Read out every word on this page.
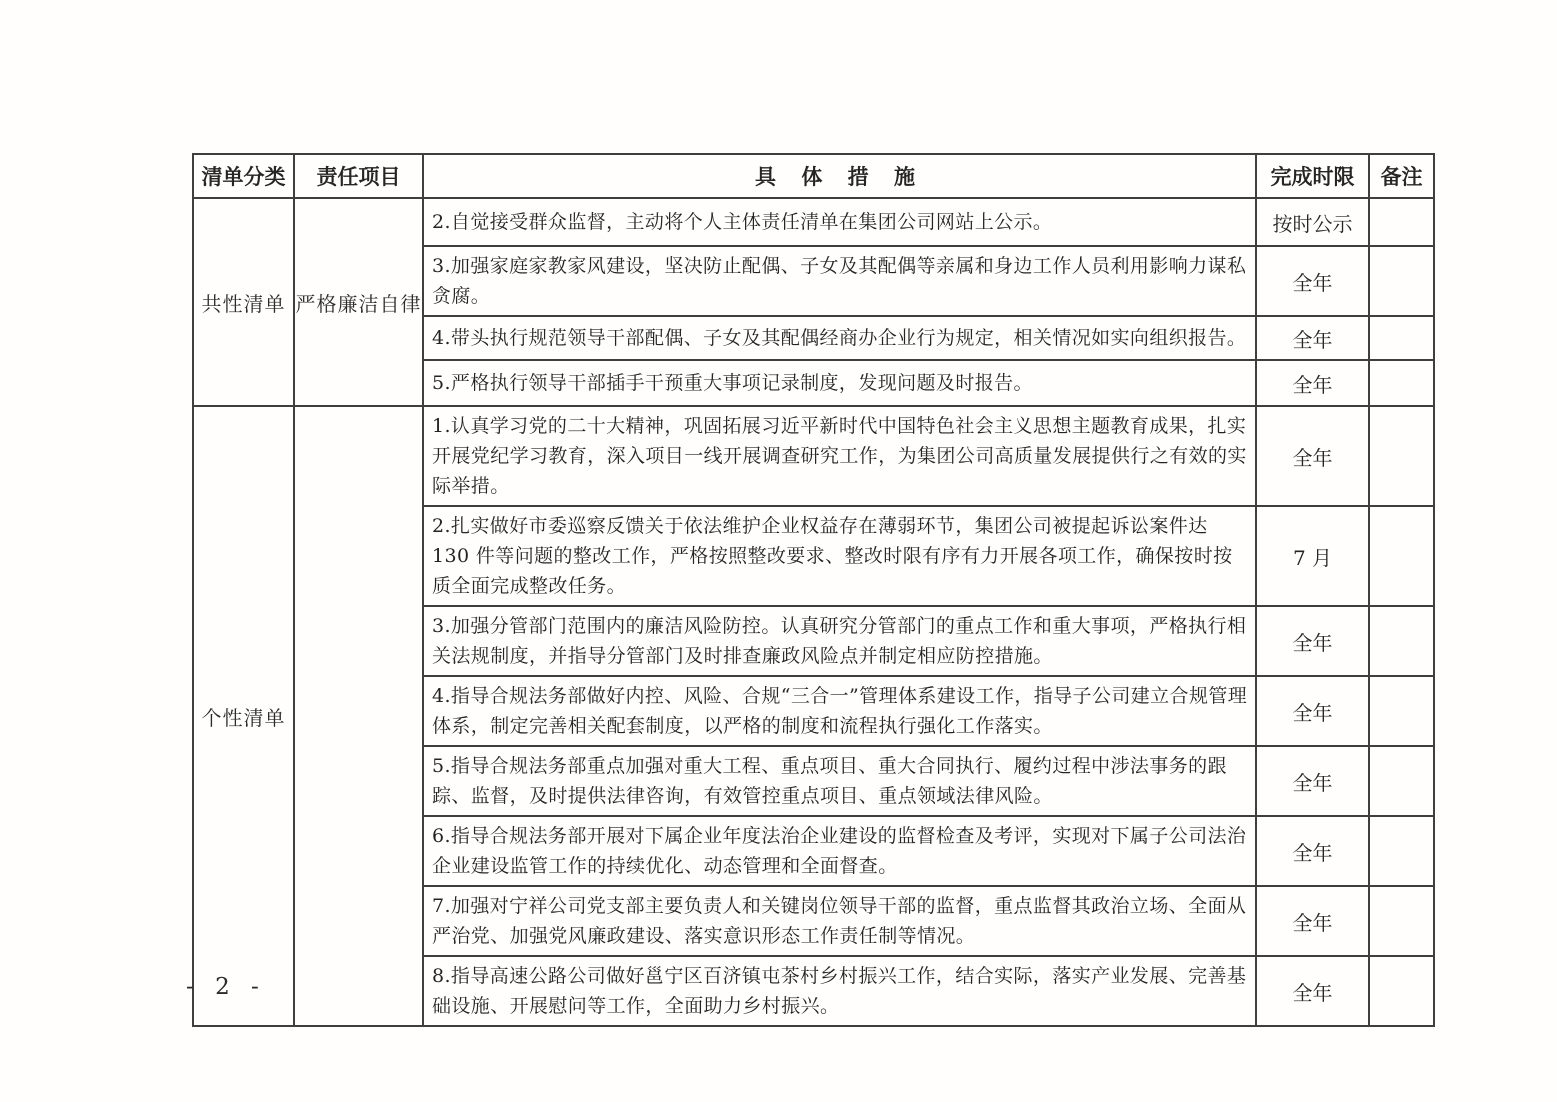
清单分类	责任项目	具 体 措 施	完成时限	备注
共性清单	严格廉洁自律	2.自觉接受群众监督，主动将个人主体责任清单在集团公司网站上公示。	按时公示	
		3.加强家庭家教家风建设，坚决防止配偶、子女及其配偶等亲属和身边工作人员利用影响力谋私贪腐。	全年	
		4.带头执行规范领导干部配偶、子女及其配偶经商办企业行为规定，相关情况如实向组织报告。	全年	
		5.严格执行领导干部插手干预重大事项记录制度，发现问题及时报告。	全年	
个性清单		1.认真学习党的二十大精神，巩固拓展习近平新时代中国特色社会主义思想主题教育成果，扎实开展党纪学习教育，深入项目一线开展调查研究工作，为集团公司高质量发展提供行之有效的实际举措。	全年	
		2.扎实做好市委巡察反馈关于依法维护企业权益存在薄弱环节，集团公司被提起诉讼案件达 130 件等问题的整改工作，严格按照整改要求、整改时限有序有力开展各项工作，确保按时按质全面完成整改任务。	7 月	
		3.加强分管部门范围内的廉洁风险防控。认真研究分管部门的重点工作和重大事项，严格执行相关法规制度，并指导分管部门及时排查廉政风险点并制定相应防控措施。	全年	
		4.指导合规法务部做好内控、风险、合规“三合一”管理体系建设工作，指导子公司建立合规管理体系，制定完善相关配套制度，以严格的制度和流程执行强化工作落实。	全年	
		5.指导合规法务部重点加强对重大工程、重点项目、重大合同执行、履约过程中涉法事务的跟踪、监督，及时提供法律咨询，有效管控重点项目、重点领域法律风险。	全年	
		6.指导合规法务部开展对下属企业年度法治企业建设的监督检查及考评，实现对下属子公司法治企业建设监管工作的持续优化、动态管理和全面督查。	全年	
		7.加强对宁祥公司党支部主要负责人和关键岗位领导干部的监督，重点监督其政治立场、全面从严治党、加强党风廉政建设、落实意识形态工作责任制等情况。	全年	
		8.指导高速公路公司做好邕宁区百济镇屯茶村乡村振兴工作，结合实际，落实产业发展、完善基础设施、开展慰问等工作，全面助力乡村振兴。	全年	
- 2 -
